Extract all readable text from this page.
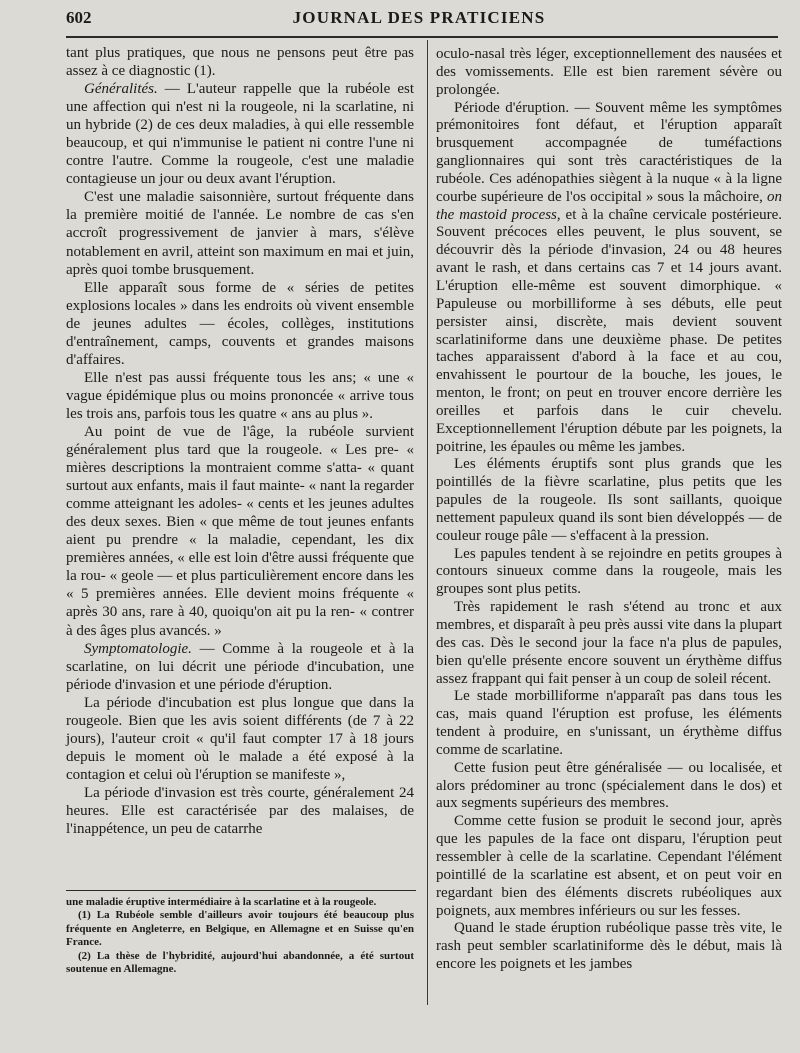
602	JOURNAL DES PRATICIENS

tant plus pratiques, que nous ne pensons peut être pas assez à ce diagnostic (1).

Généralités. — L'auteur rappelle que la rubéole est une affection qui n'est ni la rougeole, ni la scarlatine, ni un hybride (2) de ces deux maladies, à qui elle ressemble beaucoup, et qui n'immunise le patient ni contre l'une ni contre l'autre. Comme la rougeole, c'est une maladie contagieuse un jour ou deux avant l'éruption.

C'est une maladie saisonnière, surtout fréquente dans la première moitié de l'année. Le nombre de cas s'en accroît progressivement de janvier à mars, s'élève notablement en avril, atteint son maximum en mai et juin, après quoi tombe brusquement.

Elle apparaît sous forme de « séries de petites explosions locales » dans les endroits où vivent ensemble de jeunes adultes — écoles, collèges, institutions d'entraînement, camps, couvents et grandes maisons d'affaires.

Elle n'est pas aussi fréquente tous les ans; « une « vague épidémique plus ou moins prononcée « arrive tous les trois ans, parfois tous les quatre « ans au plus ».

Au point de vue de l'âge, la rubéole survient généralement plus tard que la rougeole. « Les pre- « mières descriptions la montraient comme s'atta- « quant surtout aux enfants, mais il faut mainte- « nant la regarder comme atteignant les adoles- « cents et les jeunes adultes des deux sexes. Bien « que même de tout jeunes enfants aient pu prendre « la maladie, cependant, les dix premières années, « elle est loin d'être aussi fréquente que la rou- « geole — et plus particulièrement encore dans les « 5 premières années. Elle devient moins fréquente « après 30 ans, rare à 40, quoiqu'on ait pu la ren- « contrer à des âges plus avancés. »

Symptomatologie. — Comme à la rougeole et à la scarlatine, on lui décrit une période d'incubation, une période d'invasion et une période d'éruption.

La période d'incubation est plus longue que dans la rougeole. Bien que les avis soient différents (de 7 à 22 jours), l'auteur croit « qu'il faut compter 17 à 18 jours depuis le moment où le malade a été exposé à la contagion et celui où l'éruption se manifeste »,

La période d'invasion est très courte, généralement 24 heures. Elle est caractérisée par des malaises, de l'inappétence, un peu de catarrhe

une maladie éruptive intermédiaire à la scarlatine et à la rougeole.

(1) La Rubéole semble d'ailleurs avoir toujours été beaucoup plus fréquente en Angleterre, en Belgique, en Allemagne et en Suisse qu'en France.

(2) La thèse de l'hybridité, aujourd'hui abandonnée, a été surtout soutenue en Allemagne.

oculo-nasal très léger, exceptionnellement des nausées et des vomissements. Elle est bien rarement sévère ou prolongée.

Période d'éruption. — Souvent même les symptômes prémonitoires font défaut, et l'éruption apparaît brusquement accompagnée de tuméfactions ganglionnaires qui sont très caractéristiques de la rubéole. Ces adénopathies siègent à la nuque « à la ligne courbe supérieure de l'os occipital » sous la mâchoire, on the mastoid process, et à la chaîne cervicale postérieure. Souvent précoces elles peuvent, le plus souvent, se découvrir dès la période d'invasion, 24 ou 48 heures avant le rash, et dans certains cas 7 et 14 jours avant. L'éruption elle-même est souvent dimorphique. « Papuleuse ou morbilliforme à ses débuts, elle peut persister ainsi, discrète, mais devient souvent scarlatiniforme dans une deuxième phase. De petites taches apparaissent d'abord à la face et au cou, envahissent le pourtour de la bouche, les joues, le menton, le front; on peut en trouver encore derrière les oreilles et parfois dans le cuir chevelu. Exceptionnellement l'éruption débute par les poignets, la poitrine, les épaules ou même les jambes.

Les éléments éruptifs sont plus grands que les pointillés de la fièvre scarlatine, plus petits que les papules de la rougeole. Ils sont saillants, quoique nettement papuleux quand ils sont bien développés — de couleur rouge pâle — s'effacent à la pression.

Les papules tendent à se rejoindre en petits groupes à contours sinueux comme dans la rougeole, mais les groupes sont plus petits.

Très rapidement le rash s'étend au tronc et aux membres, et disparaît à peu près aussi vite dans la plupart des cas. Dès le second jour la face n'a plus de papules, bien qu'elle présente encore souvent un érythème diffus assez frappant qui fait penser à un coup de soleil récent.

Le stade morbilliforme n'apparaît pas dans tous les cas, mais quand l'éruption est profuse, les éléments tendent à produire, en s'unissant, un érythème diffus comme de scarlatine.

Cette fusion peut être généralisée — ou localisée, et alors prédominer au tronc (spécialement dans le dos) et aux segments supérieurs des membres.

Comme cette fusion se produit le second jour, après que les papules de la face ont disparu, l'éruption peut ressembler à celle de la scarlatine. Cependant l'élément pointillé de la scarlatine est absent, et on peut voir en regardant bien des éléments discrets rubéoliques aux poignets, aux membres inférieurs ou sur les fesses.

Quand le stade éruption rubéolique passe très vite, le rash peut sembler scarlatiniforme dès le début, mais là encore les poignets et les jambes
